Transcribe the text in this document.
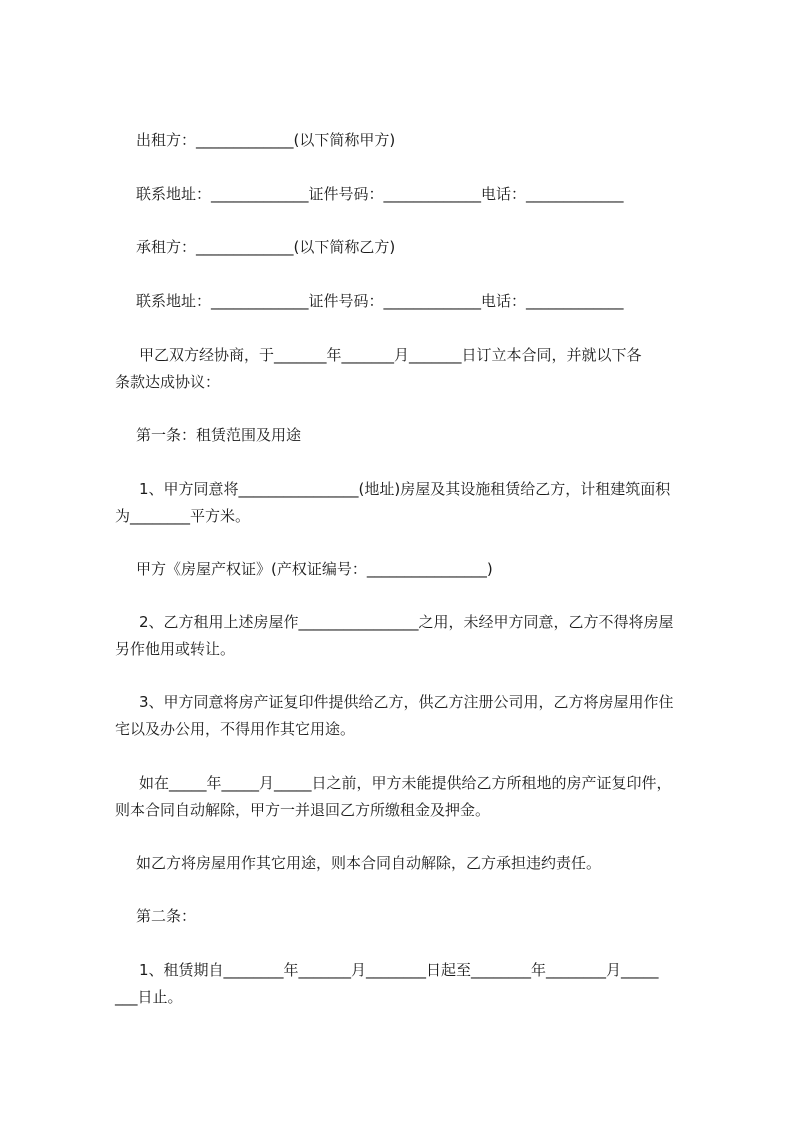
出租方：_____________(以下简称甲方)
联系地址：_____________证件号码：_____________电话：_____________
承租方：_____________(以下简称乙方)
联系地址：_____________证件号码：_____________电话：_____________
甲乙双方经协商，于_______年_______月_______日订立本合同，并就以下各
条款达成协议：
第一条：租赁范围及用途
1、甲方同意将________________(地址)房屋及其设施租赁给乙方，计租建筑面积
为________平方米。
甲方《房屋产权证》(产权证编号：________________)
2、乙方租用上述房屋作________________之用，未经甲方同意，乙方不得将房屋
另作他用或转让。
3、甲方同意将房产证复印件提供给乙方，供乙方注册公司用，乙方将房屋用作住
宅以及办公用，不得用作其它用途。
如在_____年_____月_____日之前，甲方未能提供给乙方所租地的房产证复印件，
则本合同自动解除，甲方一并退回乙方所缴租金及押金。
如乙方将房屋用作其它用途，则本合同自动解除，乙方承担违约责任。
第二条：
1、租赁期自________年_______月________日起至________年________月_____
___日止。
